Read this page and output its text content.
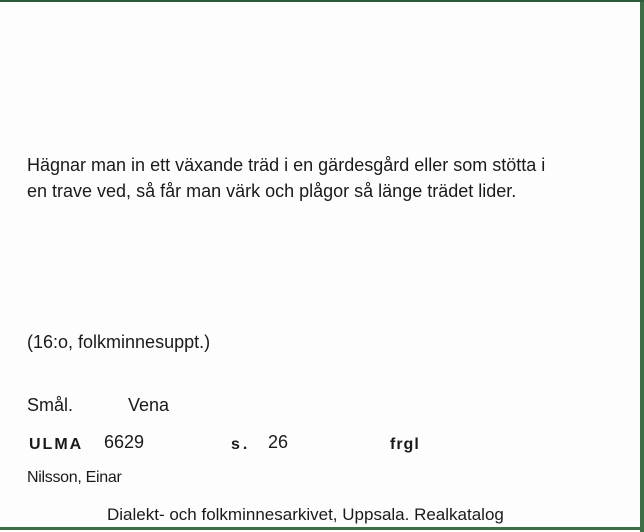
Hägnar man in ett växande träd i en gärdesgård eller som stötta i
en trave ved, så får man värk och plågor så länge trädet lider.

(16:o, folkminnesuppt.)

Smål.	Vena
ULMA 6629	s. 26	frgl
Nilsson, Einar
Dialekt- och folkminnesarkivet, Uppsala. Realkatalog
